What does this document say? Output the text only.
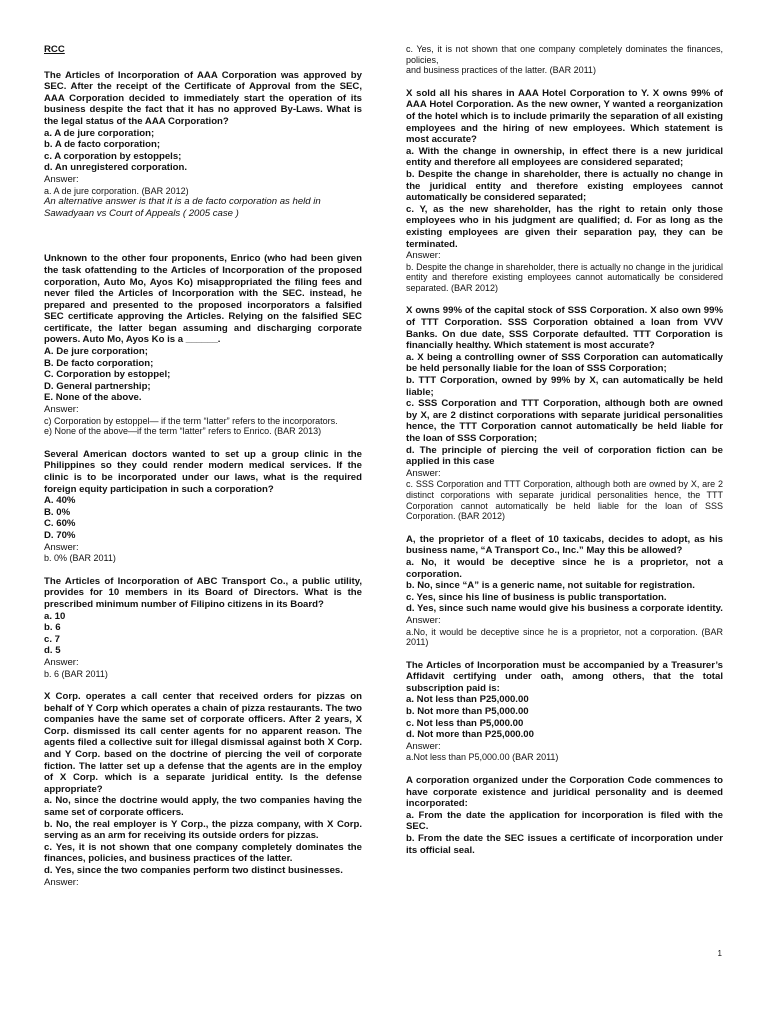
RCC

The Articles of Incorporation of AAA Corporation was approved by SEC. After the receipt of the Certificate of Approval from the SEC, AAA Corporation decided to immediately start the operation of its business despite the fact that it has no approved By-Laws. What is the legal status of the AAA Corporation?

a. A de jure corporation;

b. A de facto corporation;

c. A corporation by estoppels;

d. An unregistered corporation.

Answer:

a. A de jure corporation. (BAR 2012)

An alternative answer is that it is a de facto corporation as held in Sawadyaan vs Court of Appeals ( 2005 case )

Unknown to the other four proponents, Enrico (who had been given the task ofattending to the Articles of Incorporation of the proposed corporation, Auto Mo, Ayos Ko) misappropriated the filing fees and never filed the Articles of Incorporation with the SEC. instead, he prepared and presented to the proposed incorporators a falsified SEC certificate approving the Articles. Relying on the falsified SEC certificate, the latter began assuming and discharging corporate powers. Auto Mo, Ayos Ko is a ______.

A. De jure corporation;

B. De facto corporation;

C. Corporation by estoppel;

D. General partnership;

E. None of the above.

Answer:

c) Corporation by estoppel— if the term “latter” refers to the incorporators.

e) None of the above—if the term “latter” refers to Enrico. (BAR 2013)

Several American doctors wanted to set up a group clinic in the Philippines so they could render modern medical services. If the clinic is to be incorporated under our laws, what is the required foreign equity participation in such a corporation?

A. 40%

B. 0%

C. 60%

D. 70%

Answer:

b. 0% (BAR 2011)

The Articles of Incorporation of ABC Transport Co., a public utility, provides for 10 members in its Board of Directors. What is the prescribed minimum number of Filipino citizens in its Board?

a. 10

b. 6

c. 7

d. 5

Answer:

b. 6 (BAR 2011)

X Corp. operates a call center that received orders for pizzas on behalf of Y Corp which operates a chain of pizza restaurants. The two companies have the same set of corporate officers. After 2 years, X Corp. dismissed its call center agents for no apparent reason. The agents filed a collective suit for illegal dismissal against both X Corp. and Y Corp. based on the doctrine of piercing the veil of corporate fiction. The latter set up a defense that the agents are in the employ of X Corp. which is a separate juridical entity. Is the defense appropriate?

a. No, since the doctrine would apply, the two companies having the same set of corporate officers.

b. No, the real employer is Y Corp., the pizza company, with X Corp. serving as an arm for receiving its outside orders for pizzas.

c. Yes, it is not shown that one company completely dominates the finances, policies, and business practices of the latter.

d. Yes, since the two companies perform two distinct businesses.

Answer:

c. Yes, it is not shown that one company completely dominates the finances, policies,

and business practices of the latter. (BAR 2011)

X sold all his shares in AAA Hotel Corporation to Y. X owns 99% of AAA Hotel Corporation. As the new owner, Y wanted a reorganization of the hotel which is to include primarily the separation of all existing employees and the hiring of new employees. Which statement is most accurate?

a. With the change in ownership, in effect there is a new juridical entity and therefore all employees are considered separated;

b. Despite the change in shareholder, there is actually no change in the juridical entity and therefore existing employees cannot automatically be considered separated;

c. Y, as the new shareholder, has the right to retain only those employees who in his judgment are qualified; d. For as long as the existing employees are given their separation pay, they can be terminated.

Answer:

b. Despite the change in shareholder, there is actually no change in the juridical entity and therefore existing employees cannot automatically be considered separated. (BAR 2012)

X owns 99% of the capital stock of SSS Corporation. X also own 99% of TTT Corporation. SSS Corporation obtained a loan from VVV Banks. On due date, SSS Corporate defaulted. TTT Corporation is financially healthy. Which statement is most accurate?

a. X being a controlling owner of SSS Corporation can automatically be held personally liable for the loan of SSS Corporation;

b. TTT Corporation, owned by 99% by X, can automatically be held liable;

c. SSS Corporation and TTT Corporation, although both are owned by X, are 2 distinct corporations with separate juridical personalities hence, the TTT Corporation cannot automatically be held liable for the loan of SSS Corporation;

d. The principle of piercing the veil of corporation fiction can be applied in this case

Answer:

c. SSS Corporation and TTT Corporation, although both are owned by X, are 2 distinct corporations with separate juridical personalities hence, the TTT Corporation cannot automatically be held liable for the loan of SSS Corporation. (BAR 2012)

A, the proprietor of a fleet of 10 taxicabs, decides to adopt, as his business name, “A Transport Co., Inc.” May this be allowed?

a. No, it would be deceptive since he is a proprietor, not a corporation.

b. No, since “A” is a generic name, not suitable for registration.

c. Yes, since his line of business is public transportation.

d. Yes, since such name would give his business a corporate identity.

Answer:

a.No, it would be deceptive since he is a proprietor, not a corporation. (BAR 2011)

The Articles of Incorporation must be accompanied by a Treasurer’s Affidavit certifying under oath, among others, that the total subscription paid is:

a. Not less than P25,000.00

b. Not more than P5,000.00

c. Not less than P5,000.00

d. Not more than P25,000.00

Answer:

a.Not less than P5,000.00 (BAR 2011)

A corporation organized under the Corporation Code commences to have corporate existence and juridical personality and is deemed incorporated:

a. From the date the application for incorporation is filed with the SEC.

b. From the date the SEC issues a certificate of incorporation under its official seal.

1
